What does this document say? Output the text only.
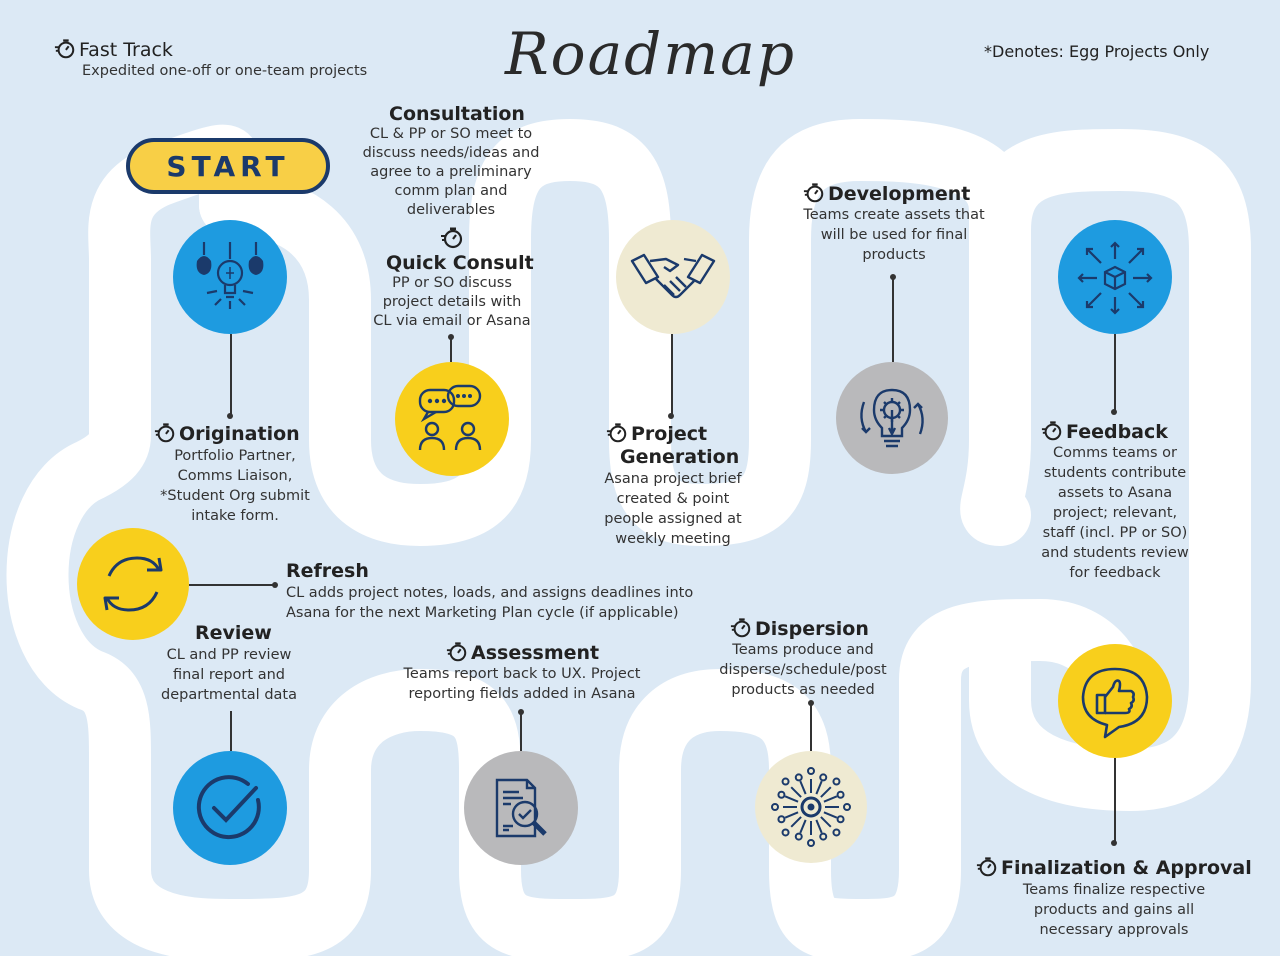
Fast Track
Expedited one-off or one-team projects Roadmap	*Denotes: Egg Projects Only
START
Origination
Portfolio Partner,
Comms Liaison,
*Student Org submit
intake form.
Consultation
CL & PP or SO meet to
discuss needs/ideas and
agree to a preliminary
comm plan and
deliverables
Quick Consult
PP or SO discuss
project details with
CL via email or Asana
Project
Generation
Asana project brief
created & point
people assigned at
weekly meeting
Development
Teams create assets that
will be used for final
products
Feedback
Comms teams or
students contribute
assets to Asana
project; relevant,
staff (incl. PP or SO)
and students review
for feedback
Refresh
CL adds project notes, loads, and assigns deadlines into
Asana for the next Marketing Plan cycle (if applicable)
Review
CL and PP review
final report and
departmental data
Assessment
Teams report back to UX. Project
reporting fields added in Asana
Dispersion
Teams produce and
disperse/schedule/post
products as needed
Finalization & Approval
Teams finalize respective
products and gains all
necessary approvals
